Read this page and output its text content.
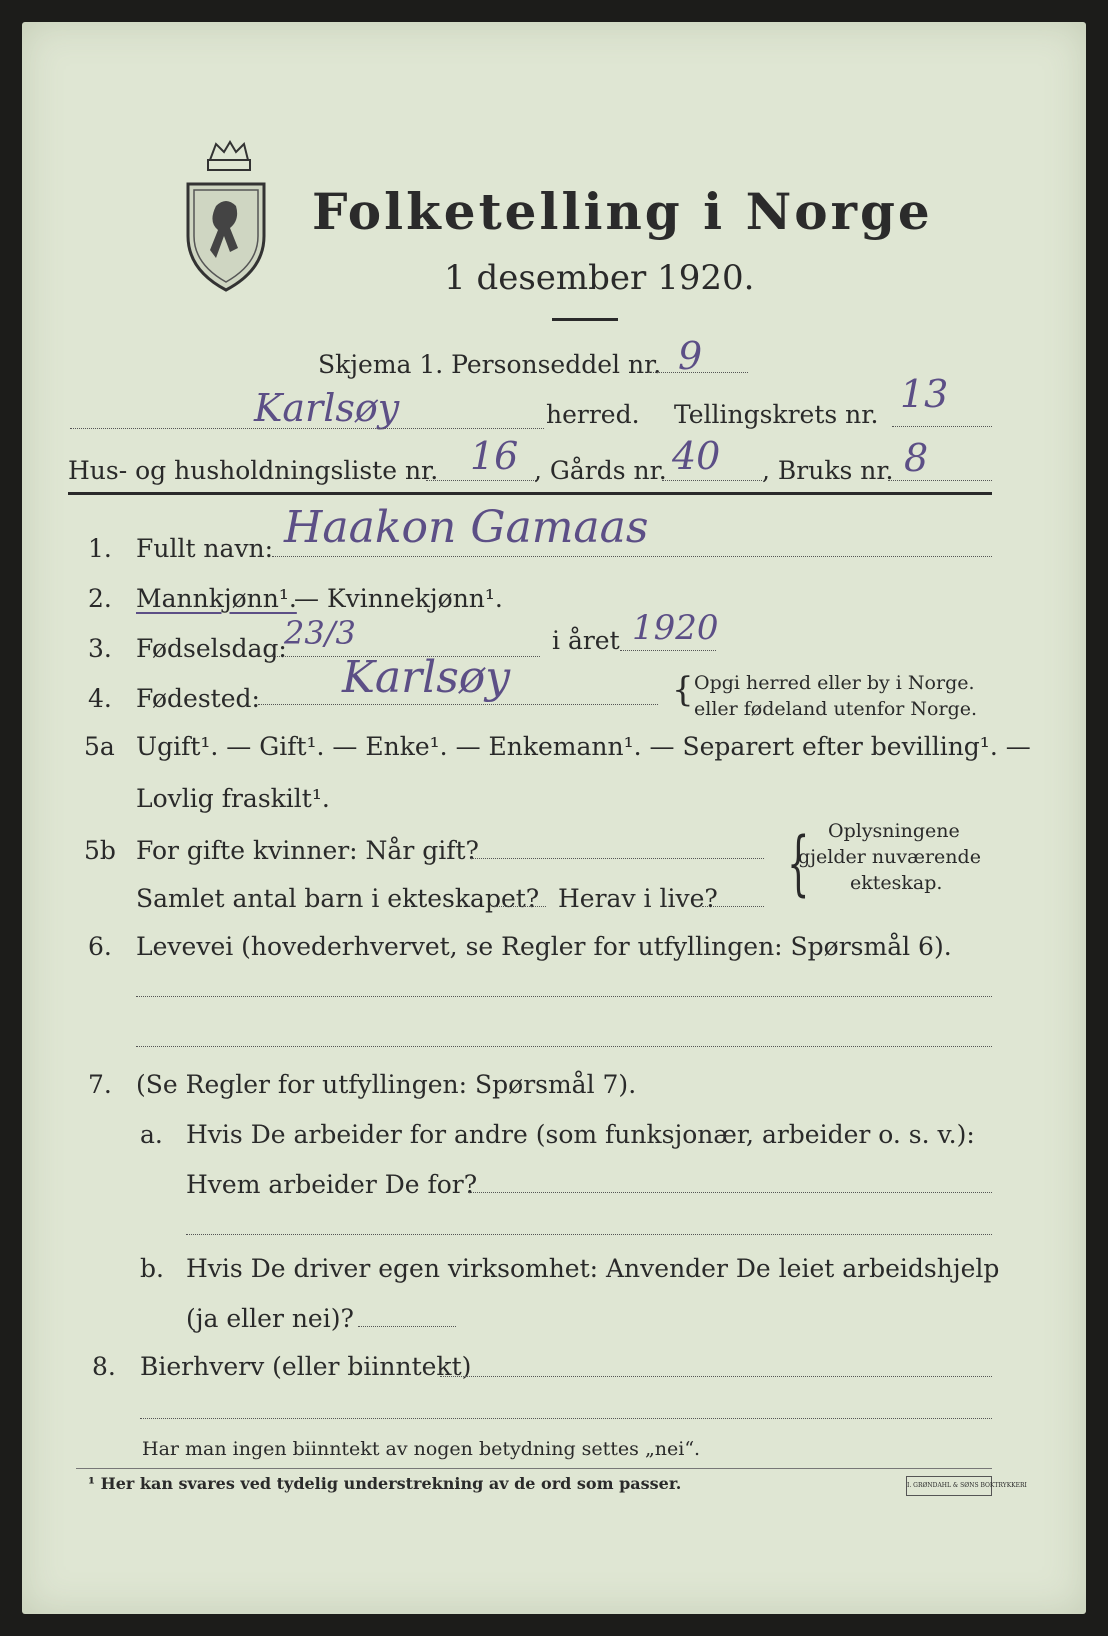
Folketelling i Norge
1 desember 1920.
Skjema 1. Personseddel nr. 9
Karlsøy	herred. Tellingskrets nr. 13
Hus- og husholdningsliste nr. 16 , Gårds nr. 40 , Bruks nr. 8
1. Fullt navn: Haakon Gamaas
2. Mannkjønn¹.
— Kvinnekjønn¹.
3. Fødselsdag:
23/3	i året 1920
4. Fødested: Karlsøy	{ Opgi herred eller by i Norge.
eller fødeland utenfor Norge.
5a Ugift¹. — Gift¹. — Enke¹. — Enkemann¹. — Separert efter bevilling¹. —
Lovlig fraskilt¹.
5b For gifte kvinner: Når gift?
Samlet antal barn i ekteskapet? Herav i live? { Oplysningene
gjelder nuværende
ekteskap.
6. Levevei (hovederhvervet, se Regler for utfyllingen: Spørsmål 6).
7. (Se Regler for utfyllingen: Spørsmål 7).
a. Hvis De arbeider for andre (som funksjonær, arbeider o. s. v.):
Hvem arbeider De for?
b. Hvis De driver egen virksomhet: Anvender De leiet arbeidshjelp
(ja eller nei)?
8. Bierhverv (eller biinntekt)
Har man ingen biinntekt av nogen betydning settes „nei“.
¹ Her kan svares ved tydelig understrekning av de ord som passer.	I. GRØNDAHL & SØNS BOKTRYKKERI
